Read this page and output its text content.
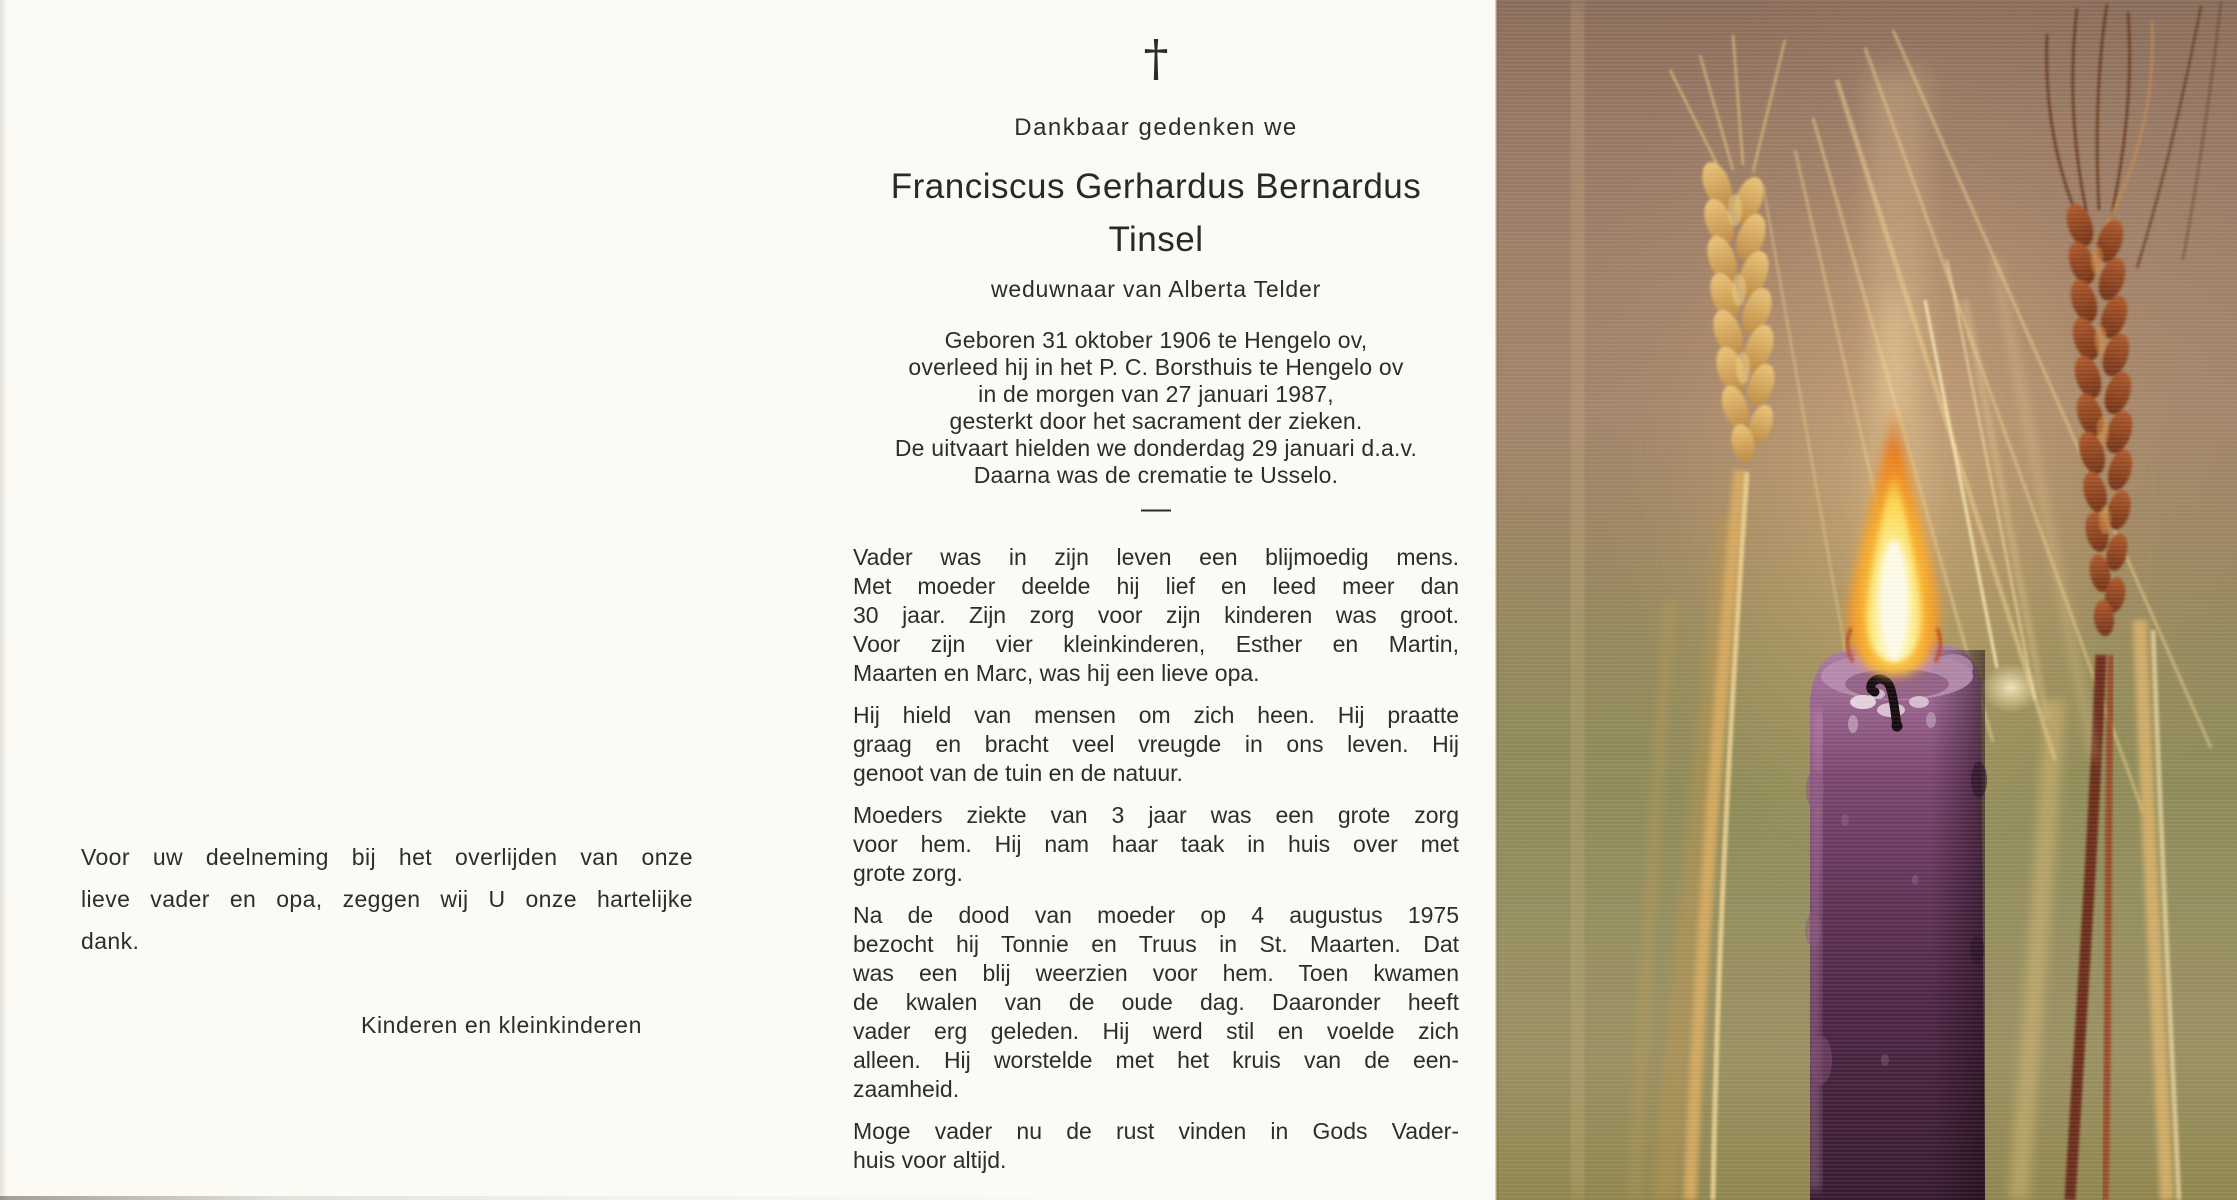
Voor uw deelneming bij het overlijden van onze
lieve vader en opa, zeggen wij U onze hartelijke
dank.
Kinderen en kleinkinderen
†
Dankbaar gedenken we
Franciscus Gerhardus Bernardus
Tinsel
weduwnaar van Alberta Telder
Geboren 31 oktober 1906 te Hengelo ov,
overleed hij in het P. C. Borsthuis te Hengelo ov
in de morgen van 27 januari 1987,
gesterkt door het sacrament der zieken.
De uitvaart hielden we donderdag 29 januari d.a.v.
Daarna was de crematie te Usselo.
—
Vader was in zijn leven een blijmoedig mens.
Met moeder deelde hij lief en leed meer dan
30 jaar. Zijn zorg voor zijn kinderen was groot.
Voor zijn vier kleinkinderen, Esther en Martin,
Maarten en Marc, was hij een lieve opa.
Hij hield van mensen om zich heen. Hij praatte
graag en bracht veel vreugde in ons leven. Hij
genoot van de tuin en de natuur.
Moeders ziekte van 3 jaar was een grote zorg
voor hem. Hij nam haar taak in huis over met
grote zorg.
Na de dood van moeder op 4 augustus 1975
bezocht hij Tonnie en Truus in St. Maarten. Dat
was een blij weerzien voor hem. Toen kwamen
de kwalen van de oude dag. Daaronder heeft
vader erg geleden. Hij werd stil en voelde zich
alleen. Hij worstelde met het kruis van de een-
zaamheid.
Moge vader nu de rust vinden in Gods Vader-
huis voor altijd.
